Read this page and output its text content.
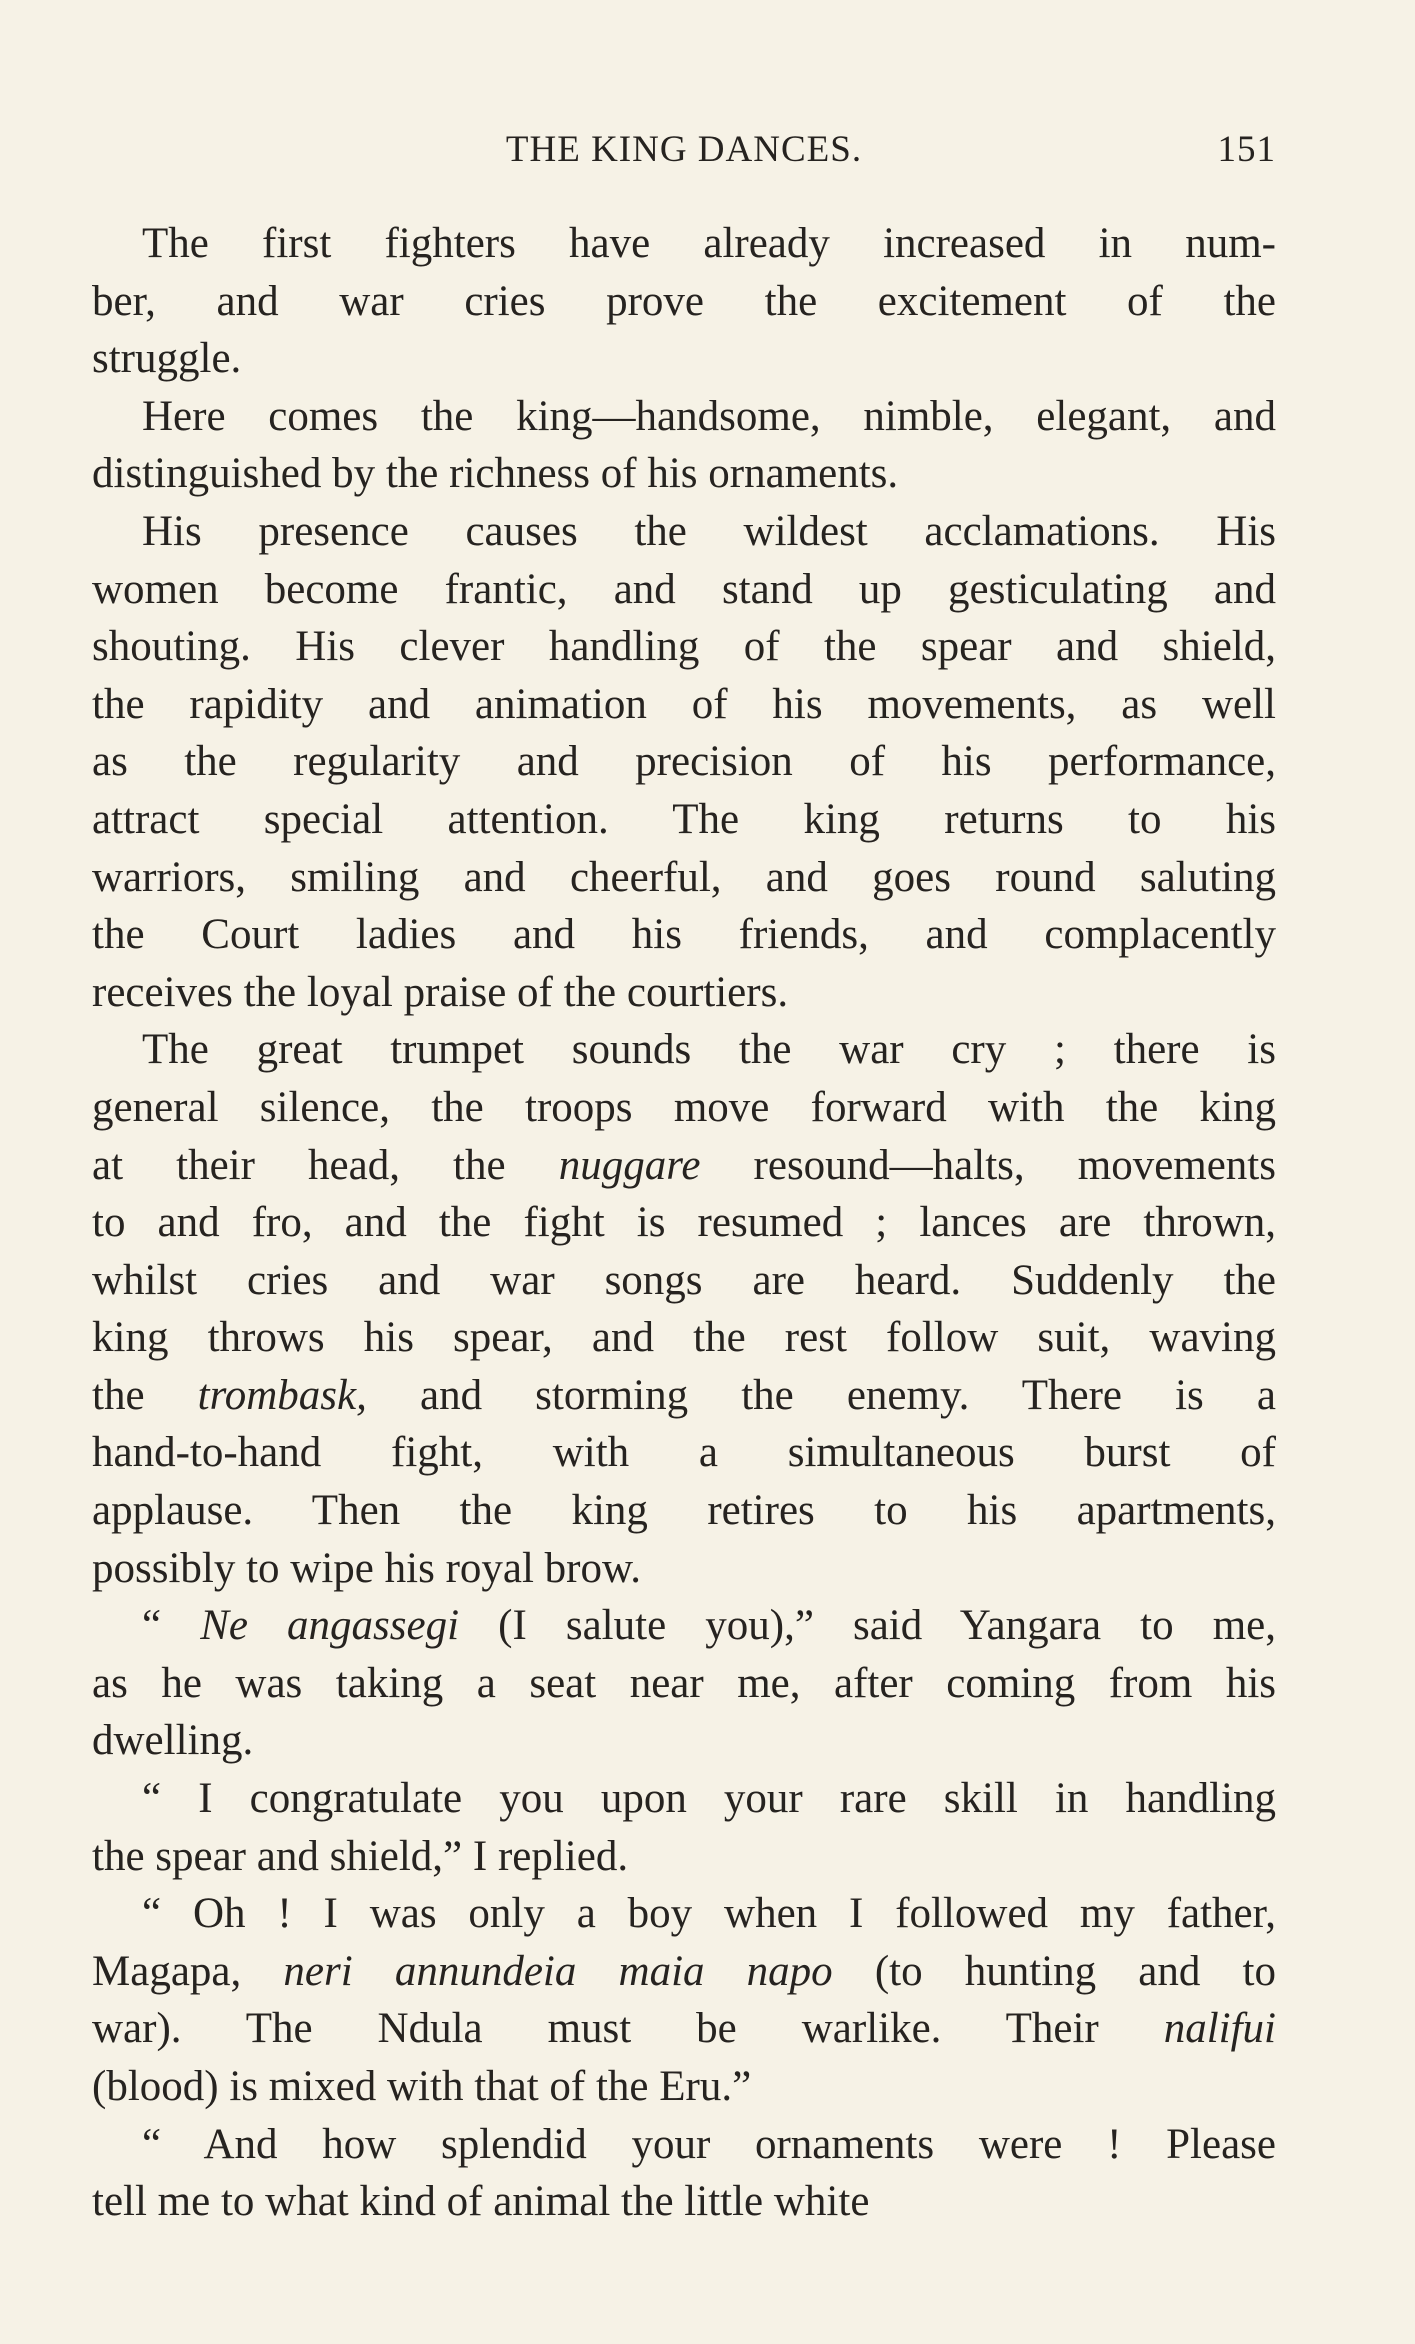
THE KING DANCES.	151

The first fighters have already increased in num-
ber, and war cries prove the excitement of the
struggle.

Here comes the king—handsome, nimble, elegant, and
distinguished by the richness of his ornaments.

His presence causes the wildest acclamations. His
women become frantic, and stand up gesticulating and
shouting. His clever handling of the spear and shield,
the rapidity and animation of his movements, as well
as the regularity and precision of his performance,
attract special attention. The king returns to his
warriors, smiling and cheerful, and goes round saluting
the Court ladies and his friends, and complacently
receives the loyal praise of the courtiers.

The great trumpet sounds the war cry ; there is
general silence, the troops move forward with the king
at their head, the nuggare resound—halts, movements
to and fro, and the fight is resumed ; lances are thrown,
whilst cries and war songs are heard. Suddenly the
king throws his spear, and the rest follow suit, waving
the trombask, and storming the enemy. There is a
hand-to-hand fight, with a simultaneous burst of
applause. Then the king retires to his apartments,
possibly to wipe his royal brow.

“ Ne angassegi (I salute you),” said Yangara to me,
as he was taking a seat near me, after coming from his
dwelling.

“ I congratulate you upon your rare skill in handling
the spear and shield,” I replied.

“ Oh ! I was only a boy when I followed my father,
Magapa, neri annundeia maia napo (to hunting and to
war). The Ndula must be warlike. Their nalifui
(blood) is mixed with that of the Eru.”

“ And how splendid your ornaments were ! Please
tell me to what kind of animal the little white
